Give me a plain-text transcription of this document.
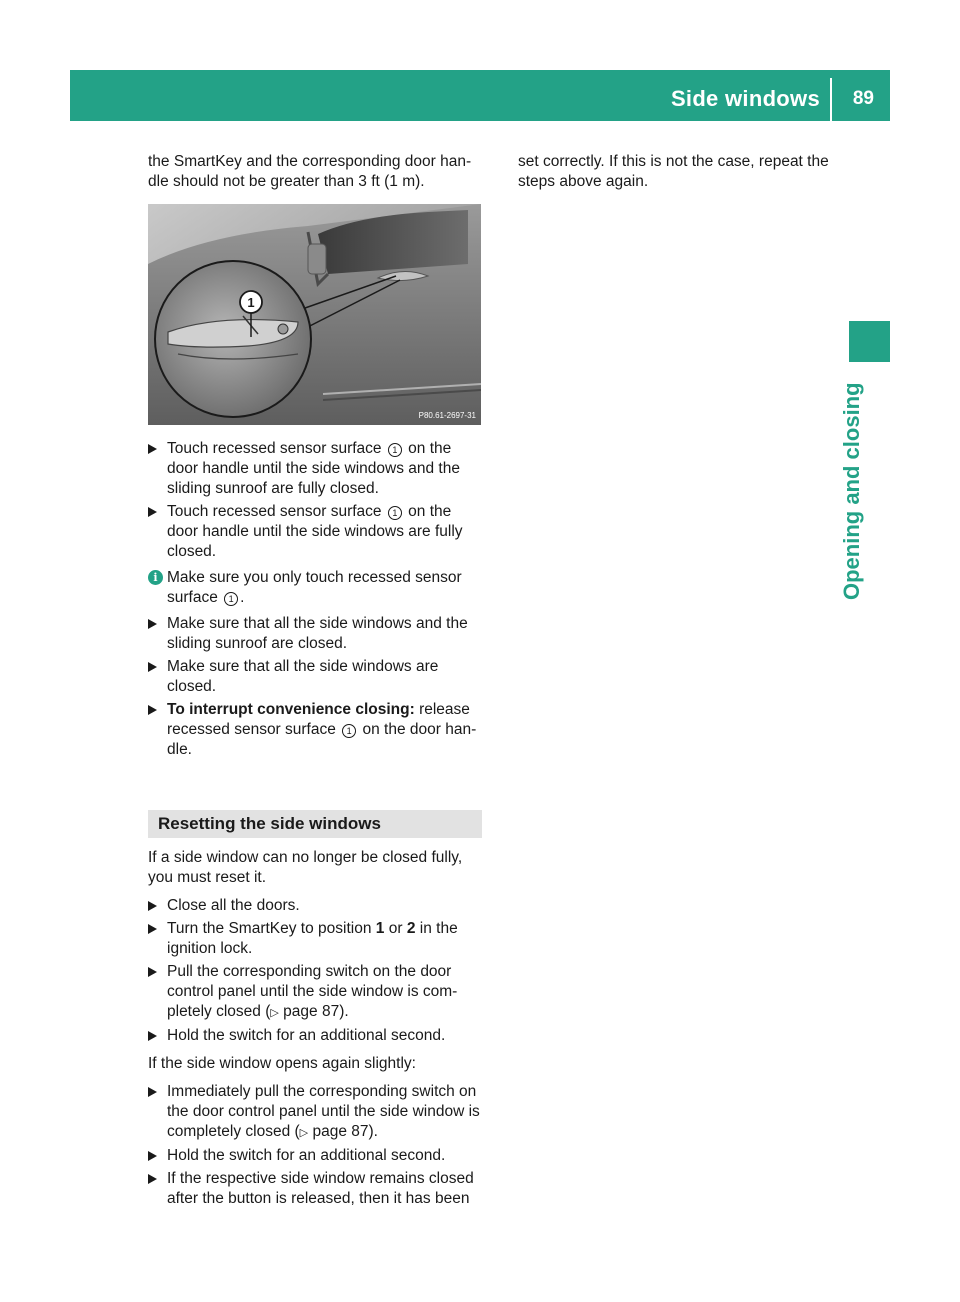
Side windows 89
Opening and closing

the SmartKey and the corresponding door han- dle should not be greater than 3 ft (1 m).

1
P80.61-2697-31
Touch recessed sensor surface 1 on the door handle until the side windows and the sliding sunroof are fully closed.
Touch recessed sensor surface 1 on the door handle until the side windows are fully closed.
i Make sure you only touch recessed sensor surface 1 .
Make sure that all the side windows and the sliding sunroof are closed.
Make sure that all the side windows are closed.
To interrupt convenience closing: release recessed sensor surface 1 on the door han- dle.
Resetting the side windows

If a side window can no longer be closed fully, you must reset it.

Close all the doors.
Turn the SmartKey to position 1 or 2 in the ignition lock.
Pull the corresponding switch on the door control panel until the side window is com- pletely closed (▷ page 87).
Hold the switch for an additional second.

If the side window opens again slightly:

Immediately pull the corresponding switch on the door control panel until the side window is completely closed (▷ page 87).
Hold the switch for an additional second.
If the respective side window remains closed after the button is released, then it has been

set correctly. If this is not the case, repeat the steps above again.
